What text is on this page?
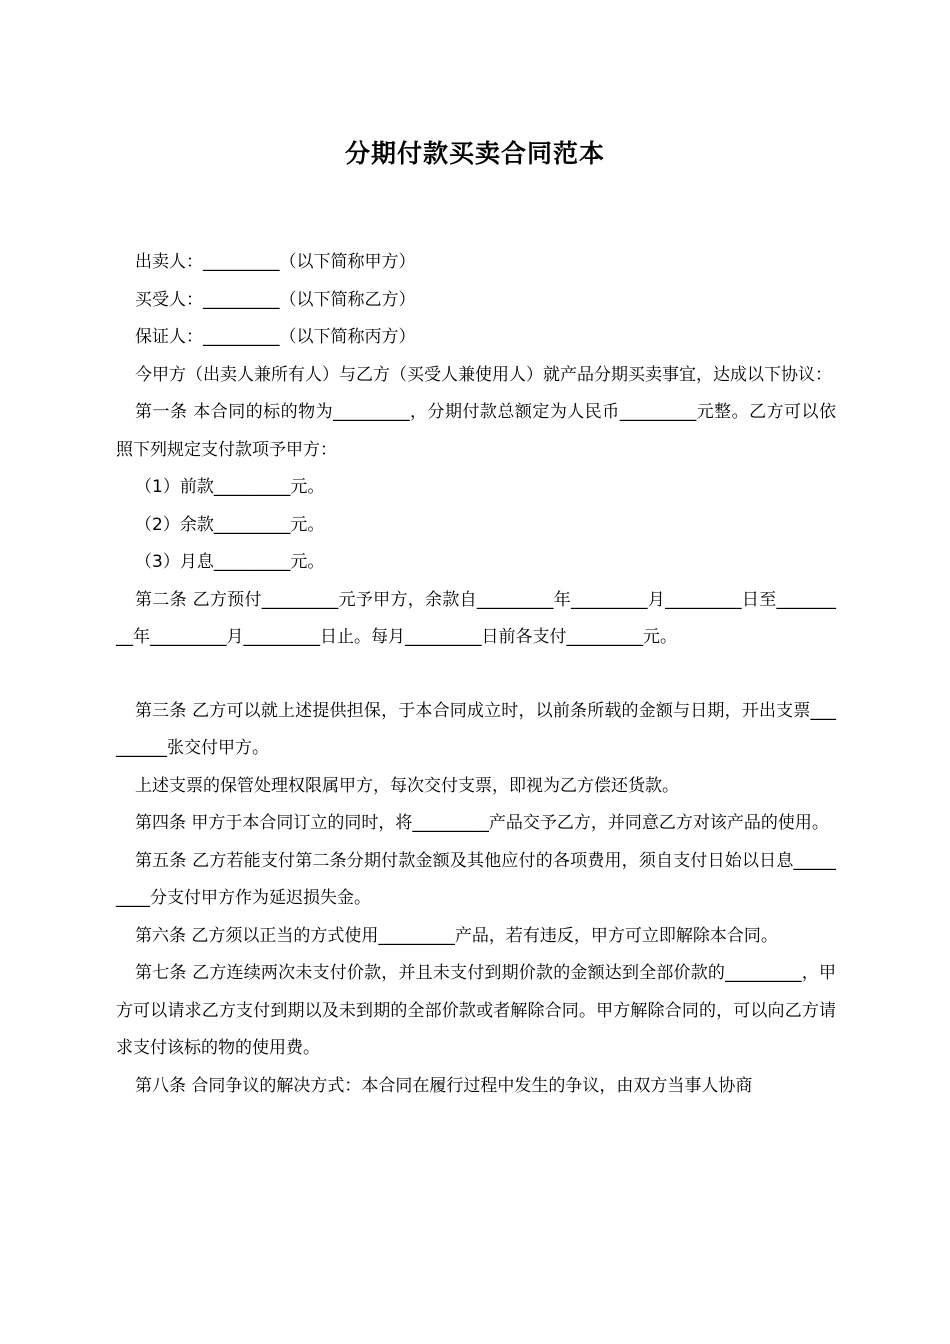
分期付款买卖合同范本

出卖人：_________（以下简称甲方）

买受人：_________（以下简称乙方）

保证人：_________（以下简称丙方）

今甲方（出卖人兼所有人）与乙方（买受人兼使用人）就产品分期买卖事宜，达成以下协议：

第一条 本合同的标的物为_________，分期付款总额定为人民币_________元整。乙方可以依照下列规定支付款项予甲方：

（1）前款_________元。

（2）余款_________元。

（3）月息_________元。

第二条 乙方预付_________元予甲方，余款自_________年_________月_________日至_________年_________月_________日止。每月_________日前各支付_________元。

第三条 乙方可以就上述提供担保，于本合同成立时，以前条所载的金额与日期，开出支票_________张交付甲方。

上述支票的保管处理权限属甲方，每次交付支票，即视为乙方偿还货款。

第四条 甲方于本合同订立的同时，将_________产品交予乙方，并同意乙方对该产品的使用。

第五条 乙方若能支付第二条分期付款金额及其他应付的各项费用，须自支付日始以日息_________分支付甲方作为延迟损失金。

第六条 乙方须以正当的方式使用_________产品，若有违反，甲方可立即解除本合同。

第七条 乙方连续两次未支付价款，并且未支付到期价款的金额达到全部价款的_________，甲方可以请求乙方支付到期以及未到期的全部价款或者解除合同。甲方解除合同的，可以向乙方请求支付该标的物的使用费。

第八条 合同争议的解决方式：本合同在履行过程中发生的争议，由双方当事人协商
